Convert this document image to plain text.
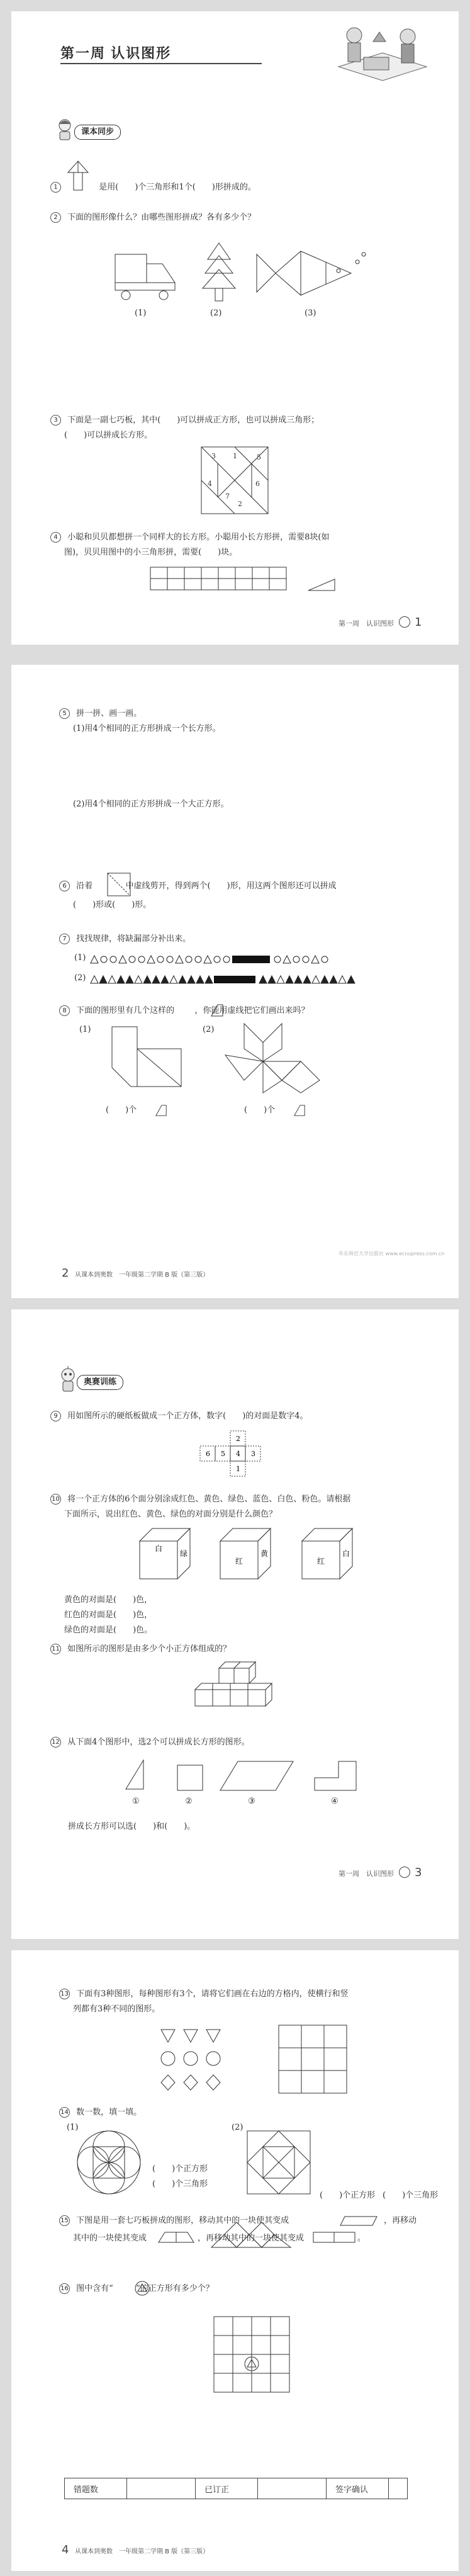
第一周 认识图形
课本同步
1	是用(　　)个三角形和1个(　　)形拼成的。
2 下面的图形像什么？由哪些图形拼成？各有多少个？
(1)	(2)	(3)
3 下面是一副七巧板，其中(　　)可以拼成正方形，也可以拼成三角形；
(　　)可以拼成长方形。
3 1	5
4	6
7
2
4 小聪和贝贝都想拼一个同样大的长方形。小聪用小长方形拼，需要8块(如
图)，贝贝用图中的小三角形拼，需要(　　)块。
第一周　认识图形 1
5 拼一拼、画一画。
(1)用4个相同的正方形拼成一个长方形。
(2)用4个相同的正方形拼成一个大正方形。
6 沿着	中虚线剪开，得到两个(　　)形，用这两个图形还可以拼成
(　　)形或(　　)形。
7 找找规律，将缺漏部分补出来。
(1)
(2)
8 下面的图形里有几个这样的 ，你能用虚线把它们画出来吗？
(1)	(2)
(　　)个	(　　)个
2 从课本到奥数　一年级第二学期 B 版（第三版）
华东师范大学出版社 www.ecnupress.com.cn
奥赛训练
9 用如图所示的硬纸板做成一个正方体，数字(　　)的对面是数字4。
2
6 5 4 3
1
10 将一个正方体的6个面分别涂成红色、黄色、绿色、蓝色、白色、粉色。请根据
下面所示，说出红色、黄色、绿色的对面分别是什么颜色？
白
绿
红
黄
红
白
黄色的对面是(　　)色，
红色的对面是(　　)色，
绿色的对面是(　　)色。
11 如图所示的图形是由多少个小正方体组成的？
12 从下面4个图形中，选2个可以拼成长方形的图形。
①	②	③	④
拼成长方形可以选(　　)和(　　)。
第一周　认识图形 3
13 下面有3种图形，每种图形有3个，请将它们画在右边的方格内，使横行和竖
列都有3种不同的图形。
14 数一数，填一填。
(1)	(2)
(　　)个正方形
(　　)个三角形
(　　)个正方形 (　　)个三角形
15 下图是用一套七巧板拼成的图形，移动其中的一块使其变成	，再移动
其中的一块使其变成	，再移动其中的一块使其变成	。
16 图中含有“	”的正方形有多少个？
错题数		已订正		签字确认	
4 从课本到奥数　一年级第二学期 B 版（第三版）
